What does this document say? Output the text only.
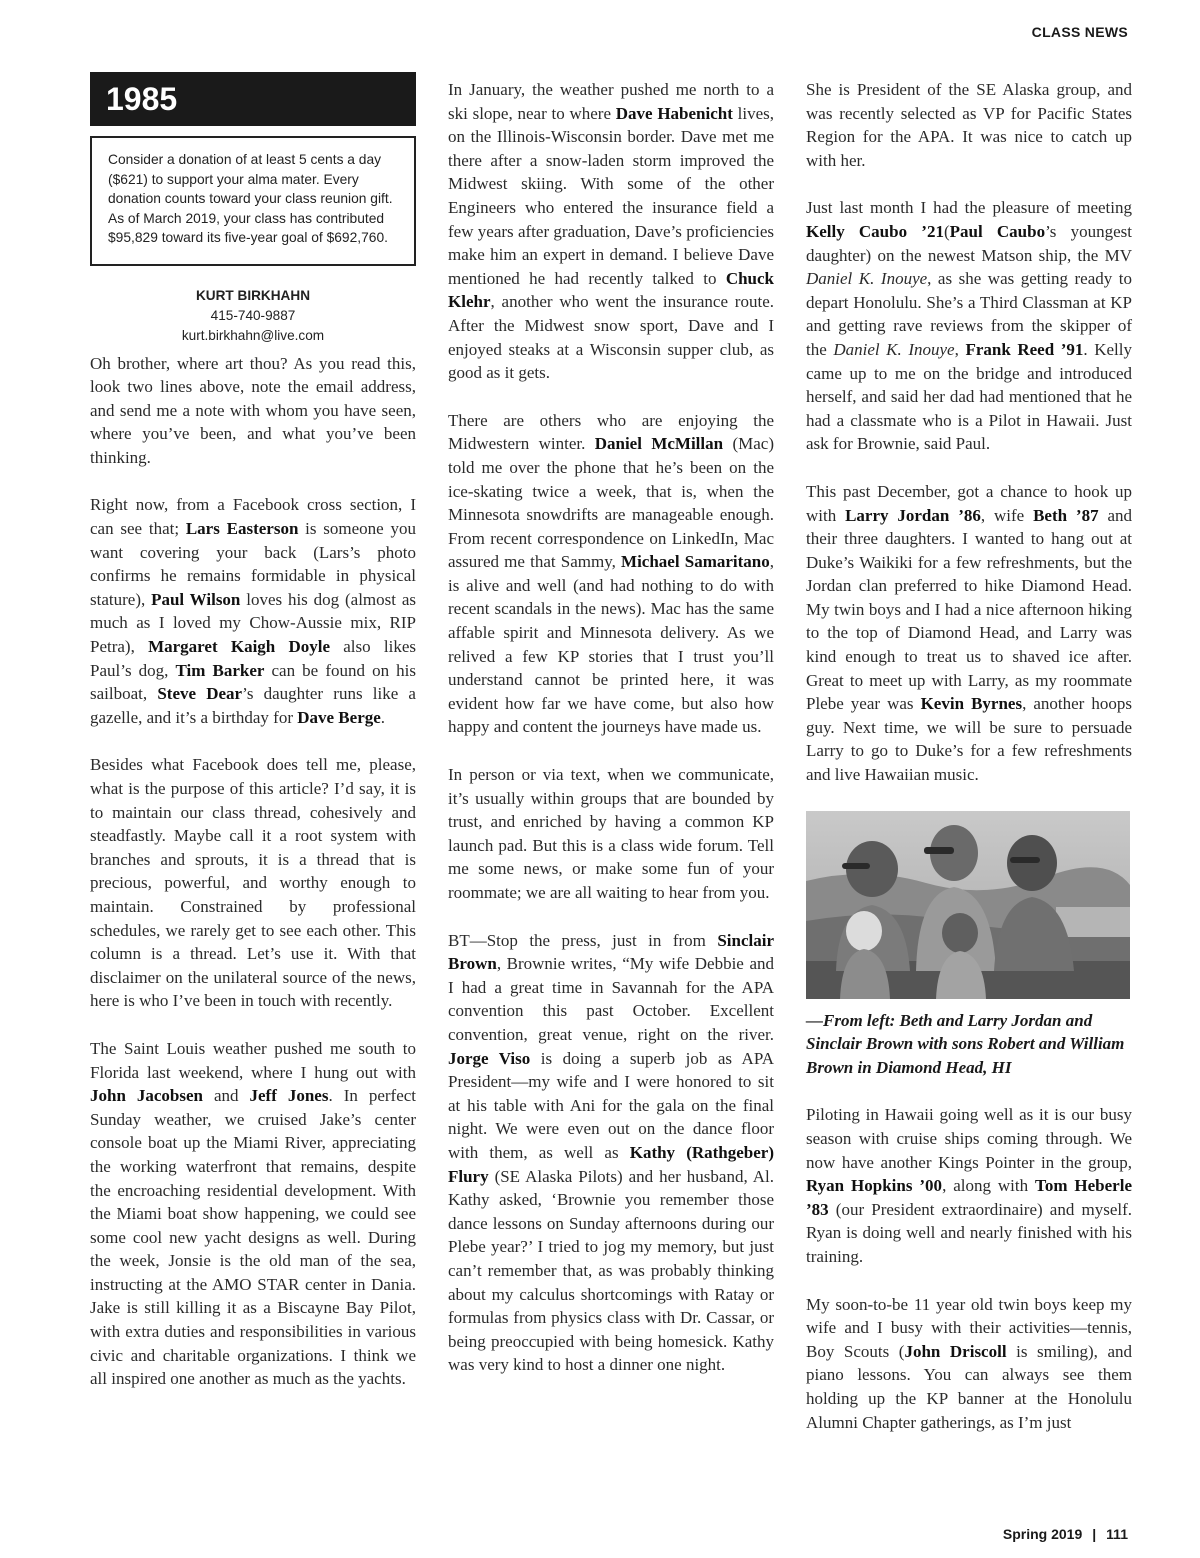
CLASS NEWS
1985
Consider a donation of at least 5 cents a day ($621) to support your alma mater. Every donation counts toward your class reunion gift. As of March 2019, your class has contributed $95,829 toward its five-year goal of $692,760.
KURT BIRKHAHN
415-740-9887
kurt.birkhahn@live.com

Oh brother, where art thou? As you read this, look two lines above, note the email address, and send me a note with whom you have seen, where you’ve been, and what you’ve been thinking.

Right now, from a Facebook cross section, I can see that; Lars Easterson is someone you want covering your back (Lars’s photo confirms he remains formidable in physical stature), Paul Wilson loves his dog (almost as much as I loved my Chow-Aussie mix, RIP Petra), Margaret Kaigh Doyle also likes Paul’s dog, Tim Barker can be found on his sailboat, Steve Dear’s daughter runs like a gazelle, and it’s a birthday for Dave Berge.

Besides what Facebook does tell me, please, what is the purpose of this article? I’d say, it is to maintain our class thread, cohesively and steadfastly. Maybe call it a root system with branches and sprouts, it is a thread that is precious, powerful, and worthy enough to maintain. Constrained by professional schedules, we rarely get to see each other. This column is a thread. Let’s use it. With that disclaimer on the unilateral source of the news, here is who I’ve been in touch with recently.

The Saint Louis weather pushed me south to Florida last weekend, where I hung out with John Jacobsen and Jeff Jones. In perfect Sunday weather, we cruised Jake’s center console boat up the Miami River, appreciating the working waterfront that remains, despite the encroaching residential development. With the Miami boat show happening, we could see some cool new yacht designs as well. During the week, Jonsie is the old man of the sea, instructing at the AMO STAR center in Dania. Jake is still killing it as a Biscayne Bay Pilot, with extra duties and responsibilities in various civic and charitable organizations. I think we all inspired one another as much as the yachts.

In January, the weather pushed me north to a ski slope, near to where Dave Habenicht lives, on the Illinois-Wisconsin border. Dave met me there after a snow-laden storm improved the Midwest skiing. With some of the other Engineers who entered the insurance field a few years after graduation, Dave’s proficiencies make him an expert in demand. I believe Dave mentioned he had recently talked to Chuck Klehr, another who went the insurance route. After the Midwest snow sport, Dave and I enjoyed steaks at a Wisconsin supper club, as good as it gets.

There are others who are enjoying the Midwestern winter. Daniel McMillan (Mac) told me over the phone that he’s been on the ice-skating twice a week, that is, when the Minnesota snowdrifts are manageable enough. From recent correspondence on LinkedIn, Mac assured me that Sammy, Michael Samaritano, is alive and well (and had nothing to do with recent scandals in the news). Mac has the same affable spirit and Minnesota delivery. As we relived a few KP stories that I trust you’ll understand cannot be printed here, it was evident how far we have come, but also how happy and content the journeys have made us.

In person or via text, when we communicate, it’s usually within groups that are bounded by trust, and enriched by having a common KP launch pad. But this is a class wide forum. Tell me some news, or make some fun of your roommate; we are all waiting to hear from you.

BT—Stop the press, just in from Sinclair Brown, Brownie writes, “My wife Debbie and I had a great time in Savannah for the APA convention this past October. Excellent convention, great venue, right on the river. Jorge Viso is doing a superb job as APA President—my wife and I were honored to sit at his table with Ani for the gala on the final night. We were even out on the dance floor with them, as well as Kathy (Rathgeber) Flury (SE Alaska Pilots) and her husband, Al. Kathy asked, ‘Brownie you remember those dance lessons on Sunday afternoons during our Plebe year?’ I tried to jog my memory, but just can’t remember that, as was probably thinking about my calculus shortcomings with Ratay or formulas from physics class with Dr. Cassar, or being preoccupied with being homesick. Kathy was very kind to host a dinner one night.

She is President of the SE Alaska group, and was recently selected as VP for Pacific States Region for the APA. It was nice to catch up with her.

Just last month I had the pleasure of meeting Kelly Caubo ’21(Paul Caubo’s youngest daughter) on the newest Matson ship, the MV Daniel K. Inouye, as she was getting ready to depart Honolulu. She’s a Third Classman at KP and getting rave reviews from the skipper of the Daniel K. Inouye, Frank Reed ’91. Kelly came up to me on the bridge and introduced herself, and said her dad had mentioned that he had a classmate who is a Pilot in Hawaii. Just ask for Brownie, said Paul.

This past December, got a chance to hook up with Larry Jordan ’86, wife Beth ’87 and their three daughters. I wanted to hang out at Duke’s Waikiki for a few refreshments, but the Jordan clan preferred to hike Diamond Head. My twin boys and I had a nice afternoon hiking to the top of Diamond Head, and Larry was kind enough to treat us to shaved ice after. Great to meet up with Larry, as my roommate Plebe year was Kevin Byrnes, another hoops guy. Next time, we will be sure to persuade Larry to go to Duke’s for a few refreshments and live Hawaiian music.

—From left: Beth and Larry Jordan and Sinclair Brown with sons Robert and William Brown in Diamond Head, HI

Piloting in Hawaii going well as it is our busy season with cruise ships coming through. We now have another Kings Pointer in the group, Ryan Hopkins ’00, along with Tom Heberle ’83 (our President extraordinaire) and myself. Ryan is doing well and nearly finished with his training.

My soon-to-be 11 year old twin boys keep my wife and I busy with their activities—tennis, Boy Scouts (John Driscoll is smiling), and piano lessons. You can always see them holding up the KP banner at the Honolulu Alumni Chapter gatherings, as I’m just

Spring 2019 | 111
